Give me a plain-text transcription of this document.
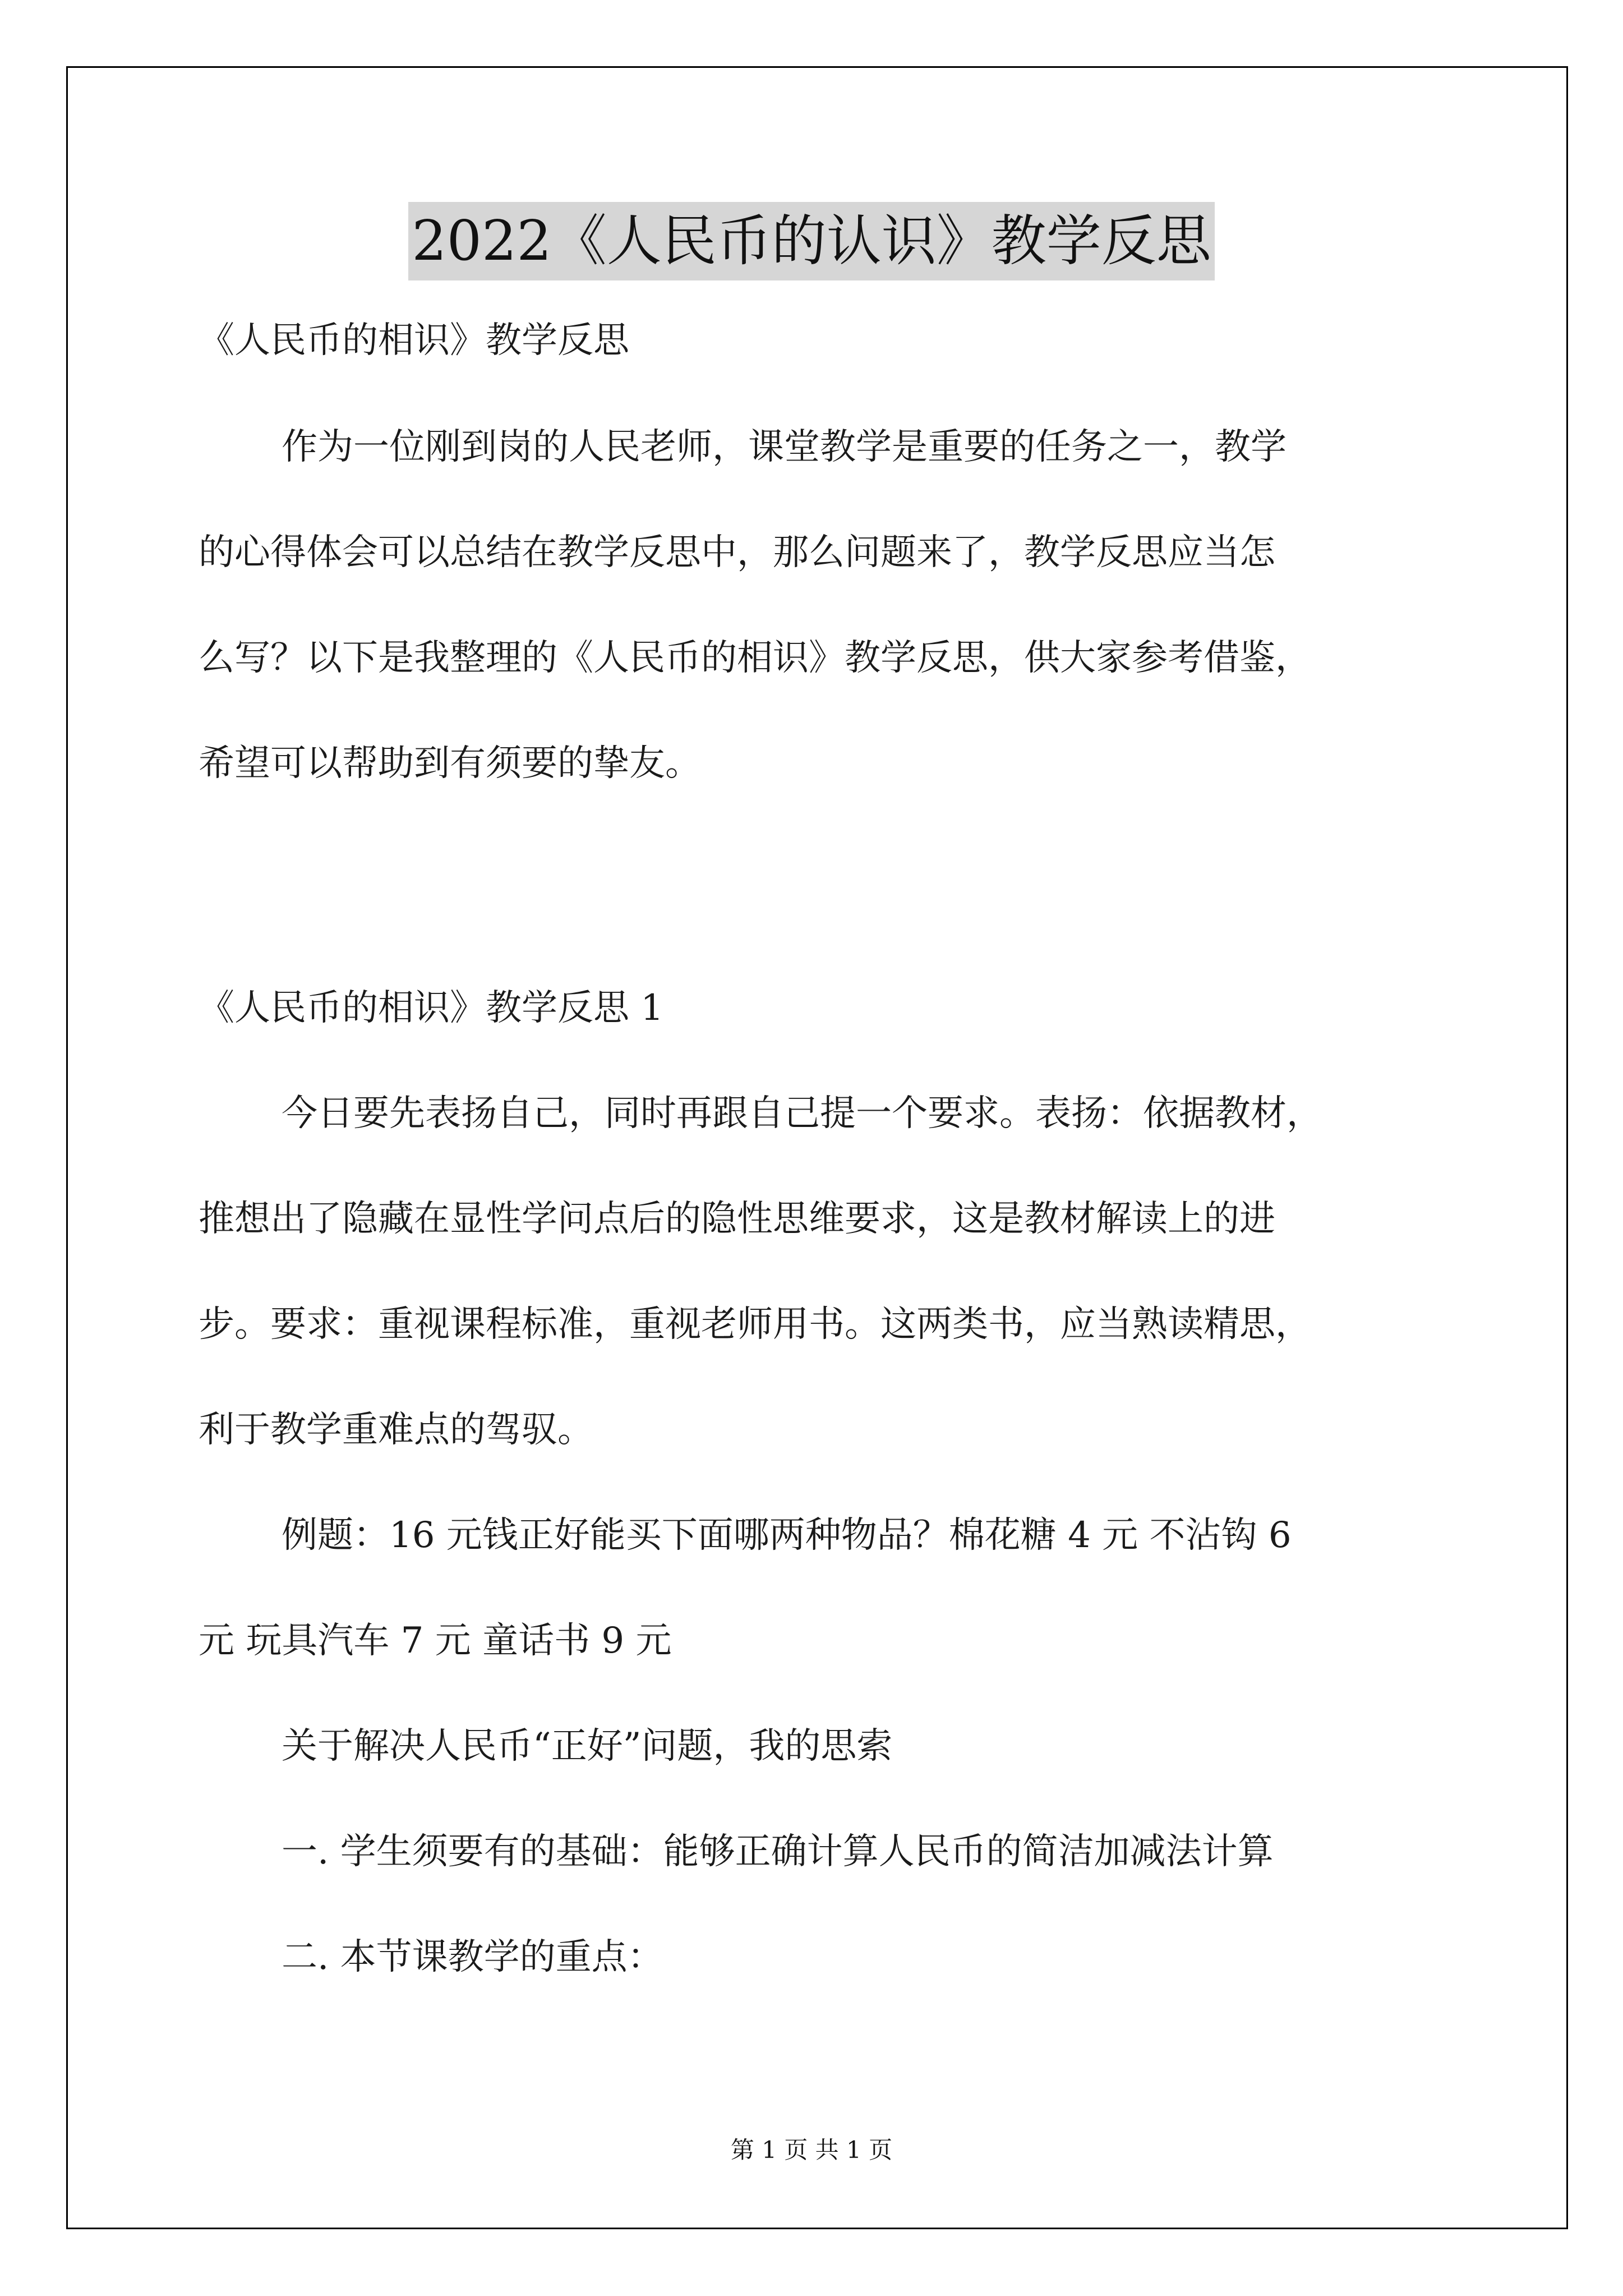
2022《人民币的认识》教学反思
《人民币的相识》教学反思
作为一位刚到岗的人民老师，课堂教学是重要的任务之一，教学
的心得体会可以总结在教学反思中，那么问题来了，教学反思应当怎
么写？以下是我整理的《人民币的相识》教学反思，供大家参考借鉴，
希望可以帮助到有须要的挚友。
《人民币的相识》教学反思 1
今日要先表扬自己，同时再跟自己提一个要求。表扬：依据教材，
推想出了隐藏在显性学问点后的隐性思维要求，这是教材解读上的进
步。要求：重视课程标准，重视老师用书。这两类书，应当熟读精思，
利于教学重难点的驾驭。
例题：16 元钱正好能买下面哪两种物品？棉花糖 4 元 不沾钩 6
元 玩具汽车 7 元 童话书 9 元
关于解决人民币“正好”问题，我的思索
一. 学生须要有的基础：能够正确计算人民币的简洁加减法计算
二. 本节课教学的重点：
第 1 页 共 1 页
